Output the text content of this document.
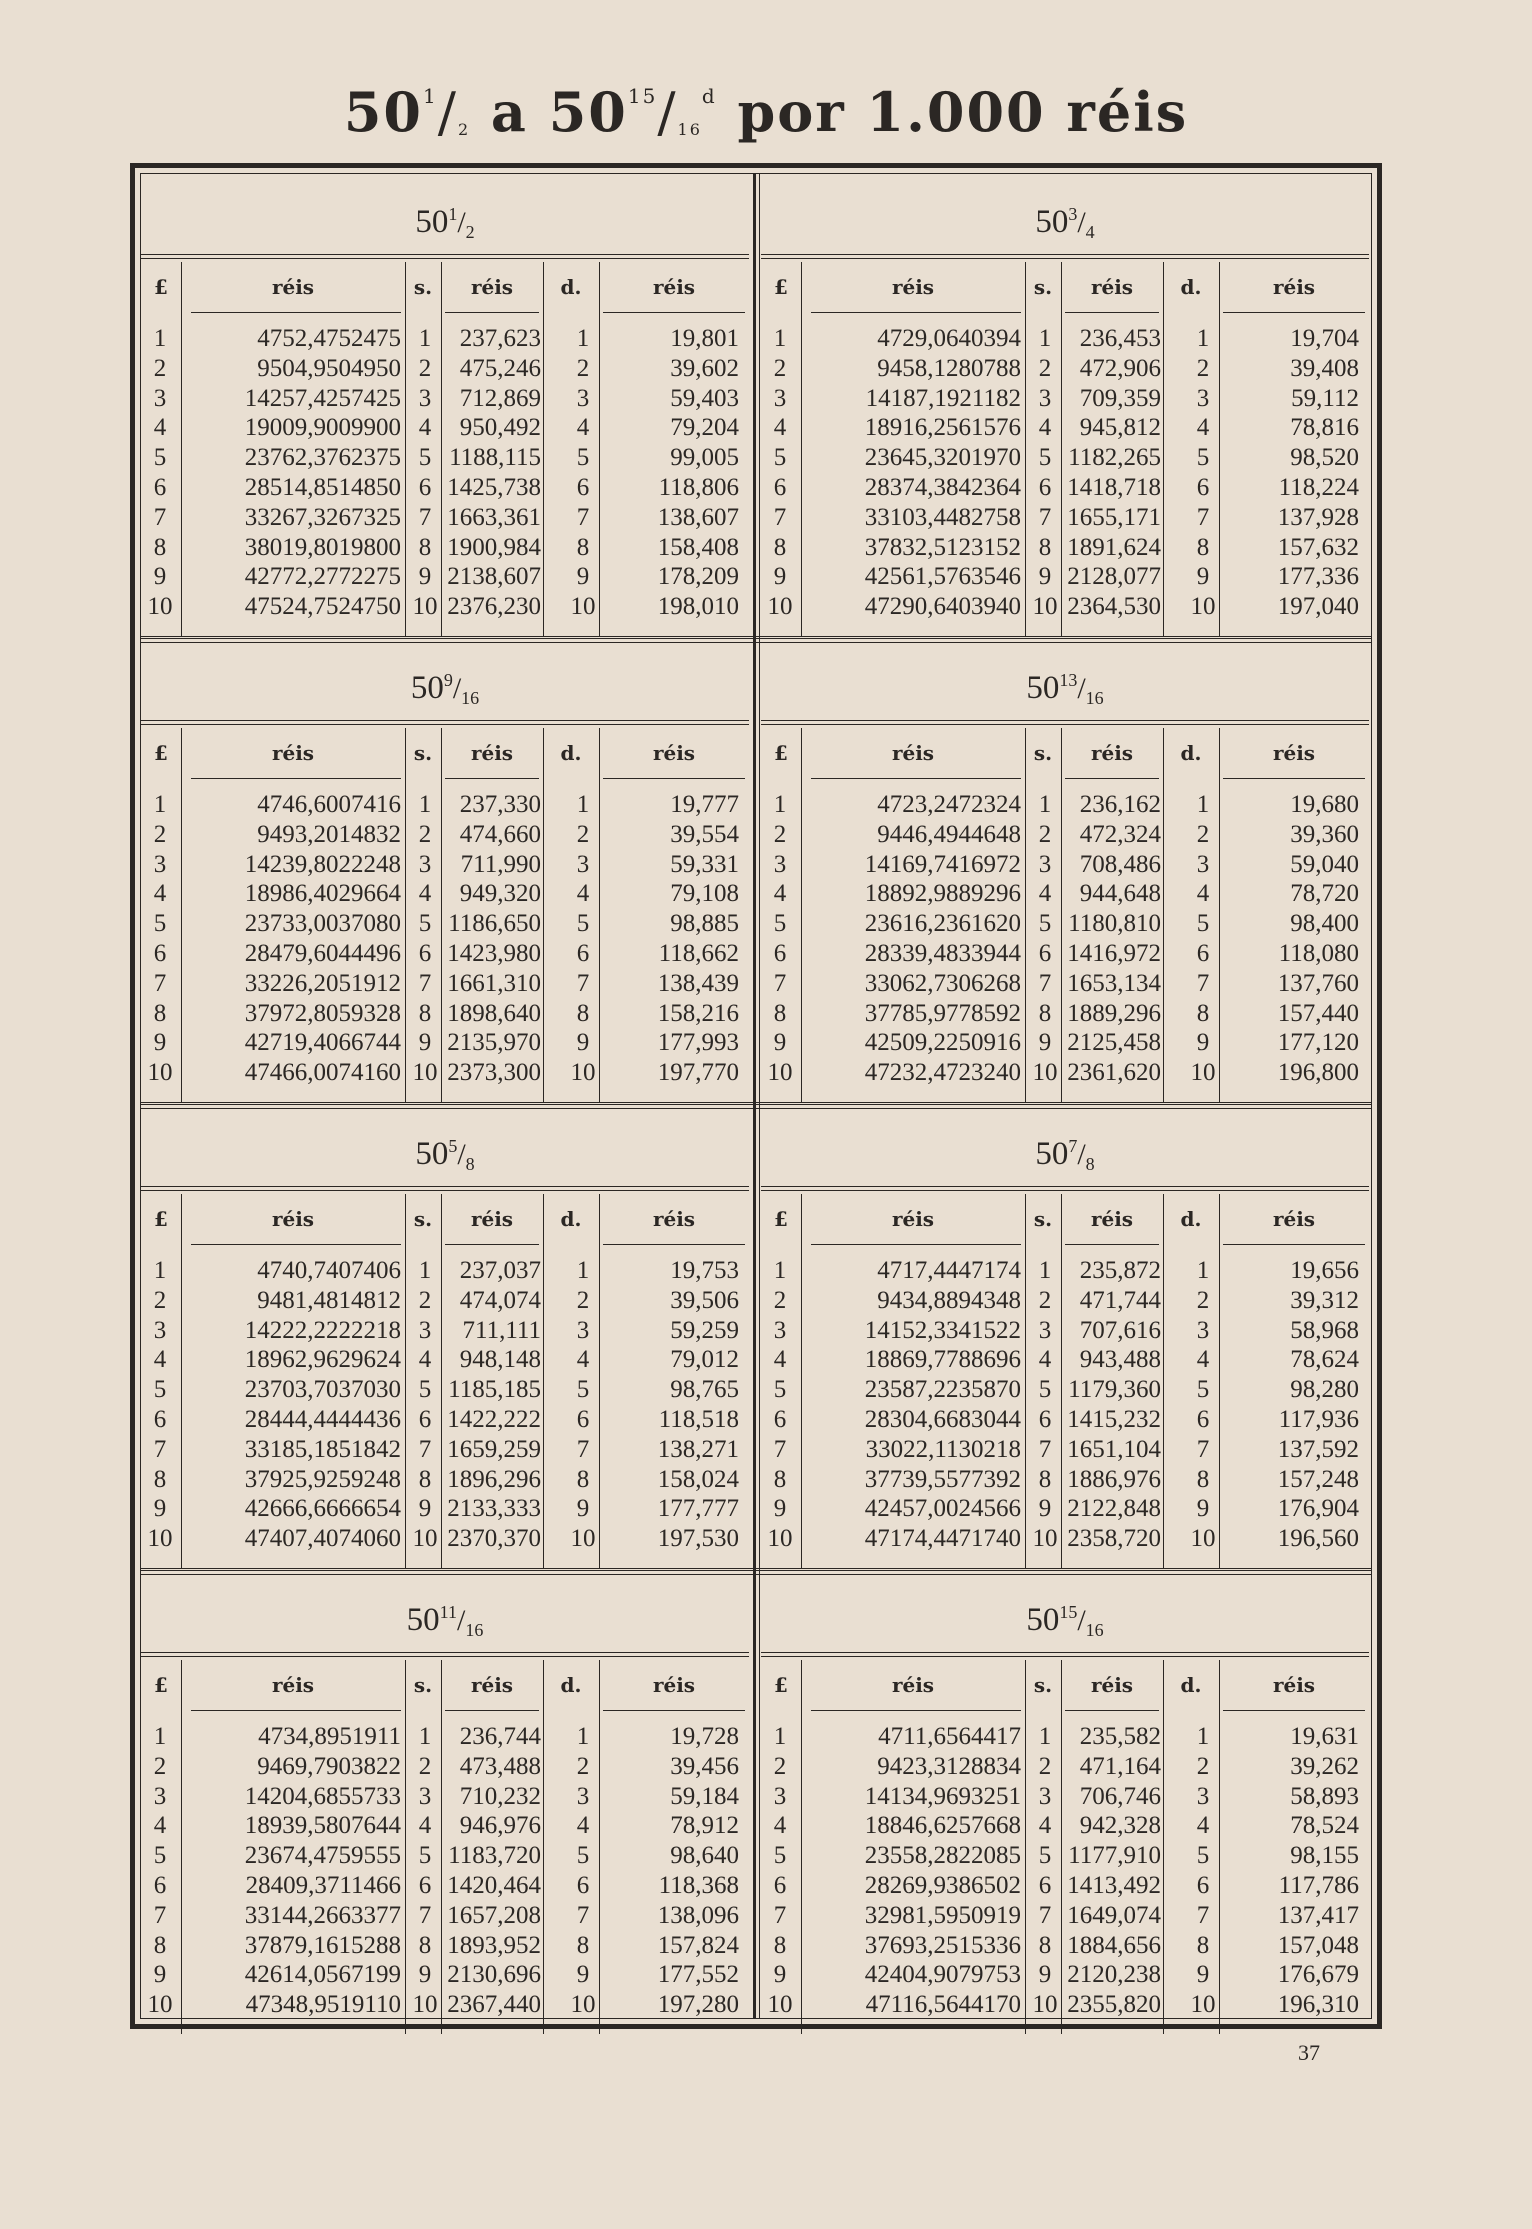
$50^1/_2$ a $50^{15}/_{16}^d$ por 1.000 réis
$50^1/_2$
£	réis	s.	réis	d.	réis
1	4752,4752475 1	237,623	1	19,801
2	9504,9504950 2	475,246	2	39,602
3	14257,4257425 3	712,869	3	59,403
4	19009,9009900 4	950,492	4	79,204
5	23762,3762375 5 1188,115	5	99,005
6	28514,8514850 6 1425,738	6	118,806
7	33267,3267325 7 1663,361	7	138,607
8	38019,8019800 8 1900,984	8	158,408
9	42772,2772275 9 2138,607	9	178,209
10	47524,7524750 10 2376,230 10	198,010
$50^3/_4$
£	réis	s.	réis	d.	réis
1	4729,0640394 1	236,453	1	19,704
2	9458,1280788 2	472,906	2	39,408
3	14187,1921182 3	709,359	3	59,112
4	18916,2561576 4	945,812	4	78,816
5	23645,3201970 5 1182,265	5	98,520
6	28374,3842364 6 1418,718	6	118,224
7	33103,4482758 7 1655,171	7	137,928
8	37832,5123152 8 1891,624	8	157,632
9	42561,5763546 9 2128,077	9	177,336
10	47290,6403940 10 2364,530 10	197,040
$50^9/_{16}$
£	réis	s.	réis	d.	réis
1	4746,6007416 1	237,330	1	19,777
2	9493,2014832 2	474,660	2	39,554
3	14239,8022248 3	711,990	3	59,331
4	18986,4029664 4	949,320	4	79,108
5	23733,0037080 5 1186,650	5	98,885
6	28479,6044496 6 1423,980	6	118,662
7	33226,2051912 7 1661,310	7	138,439
8	37972,8059328 8 1898,640	8	158,216
9	42719,4066744 9 2135,970	9	177,993
10	47466,0074160 10 2373,300 10	197,770
$50^{13}/_{16}$
£	réis	s.	réis	d.	réis
1	4723,2472324 1	236,162	1	19,680
2	9446,4944648 2	472,324	2	39,360
3	14169,7416972 3	708,486	3	59,040
4	18892,9889296 4	944,648	4	78,720
5	23616,2361620 5 1180,810	5	98,400
6	28339,4833944 6 1416,972	6	118,080
7	33062,7306268 7 1653,134	7	137,760
8	37785,9778592 8 1889,296	8	157,440
9	42509,2250916 9 2125,458	9	177,120
10	47232,4723240 10 2361,620 10	196,800
$50^5/_8$
£	réis	s.	réis	d.	réis
1	4740,7407406 1	237,037	1	19,753
2	9481,4814812 2	474,074	2	39,506
3	14222,2222218 3	711,111	3	59,259
4	18962,9629624 4	948,148	4	79,012
5	23703,7037030 5 1185,185	5	98,765
6	28444,4444436 6 1422,222	6	118,518
7	33185,1851842 7 1659,259	7	138,271
8	37925,9259248 8 1896,296	8	158,024
9	42666,6666654 9 2133,333	9	177,777
10	47407,4074060 10 2370,370 10	197,530
$50^7/_8$
£	réis	s.	réis	d.	réis
1	4717,4447174 1	235,872	1	19,656
2	9434,8894348 2	471,744	2	39,312
3	14152,3341522 3	707,616	3	58,968
4	18869,7788696 4	943,488	4	78,624
5	23587,2235870 5 1179,360	5	98,280
6	28304,6683044 6 1415,232	6	117,936
7	33022,1130218 7 1651,104	7	137,592
8	37739,5577392 8 1886,976	8	157,248
9	42457,0024566 9 2122,848	9	176,904
10	47174,4471740 10 2358,720 10	196,560
$50^{11}/_{16}$
£	réis	s.	réis	d.	réis
1	4734,8951911 1	236,744	1	19,728
2	9469,7903822 2	473,488	2	39,456
3	14204,6855733 3	710,232	3	59,184
4	18939,5807644 4	946,976	4	78,912
5	23674,4759555 5 1183,720	5	98,640
6	28409,3711466 6 1420,464	6	118,368
7	33144,2663377 7 1657,208	7	138,096
8	37879,1615288 8 1893,952	8	157,824
9	42614,0567199 9 2130,696	9	177,552
10	47348,9519110 10 2367,440 10	197,280
$50^{15}/_{16}$
£	réis	s.	réis	d.	réis
1	4711,6564417 1	235,582	1	19,631
2	9423,3128834 2	471,164	2	39,262
3	14134,9693251 3	706,746	3	58,893
4	18846,6257668 4	942,328	4	78,524
5	23558,2822085 5 1177,910	5	98,155
6	28269,9386502 6 1413,492	6	117,786
7	32981,5950919 7 1649,074	7	137,417
8	37693,2515336 8 1884,656	8	157,048
9	42404,9079753 9 2120,238	9	176,679
10	47116,5644170 10 2355,820 10	196,310
37
